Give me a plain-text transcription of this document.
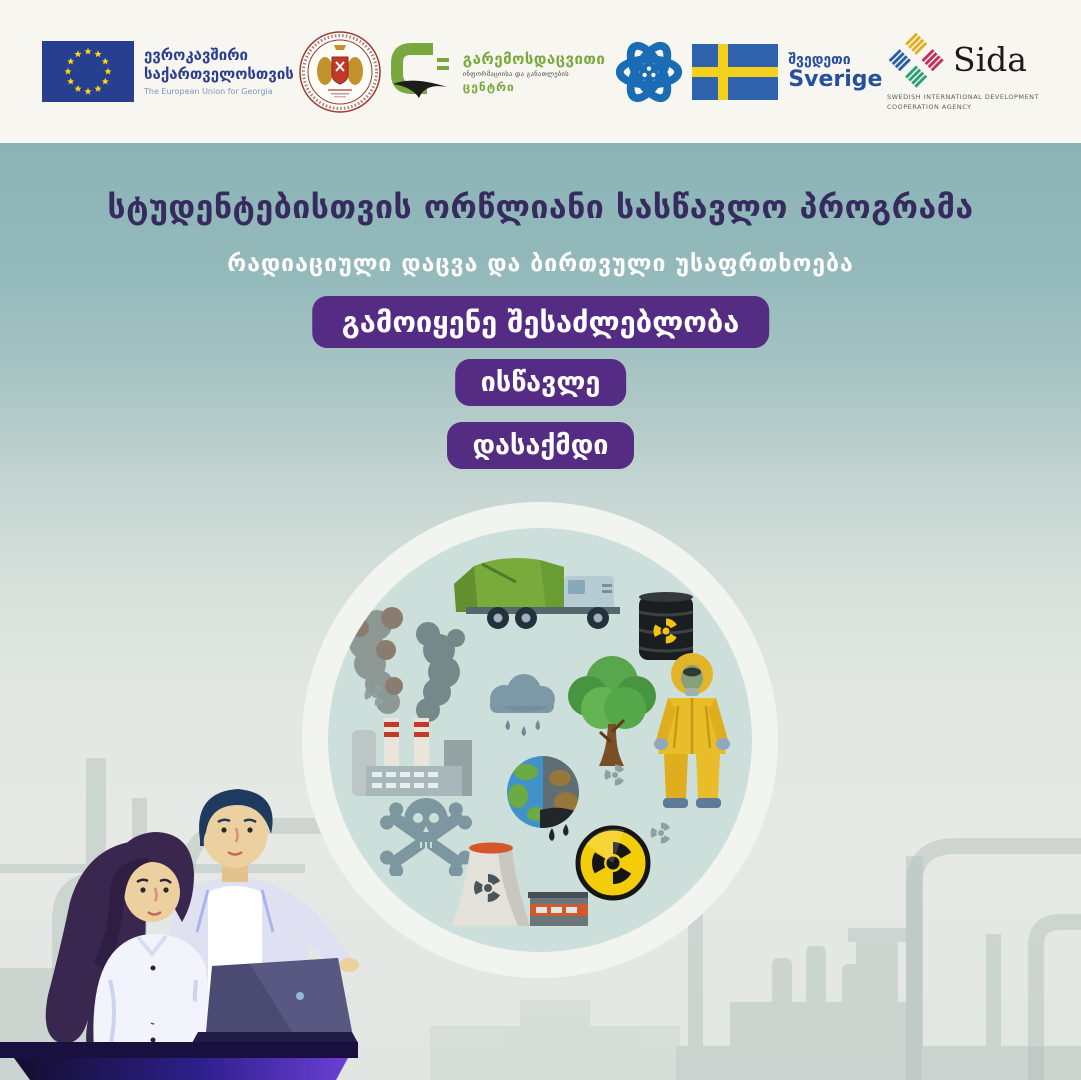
სტუდენტებისთვის ორწლიანი სასწავლო პროგრამა
რადიაციული დაცვა და ბირთვული უსაფრთხოება
გამოიყენე შესაძლებლობა
ისწავლე
დასაქმდი
ევროკავშირი
საქართველოსთვის
The European Union for Georgia
გარემოსდაცვითი
ინფორმაციისა და განათლების
ცენტრი
შვედეთი
Sverige
Sida
SWEDISH INTERNATIONAL DEVELOPMENT
COOPERATION AGENCY
